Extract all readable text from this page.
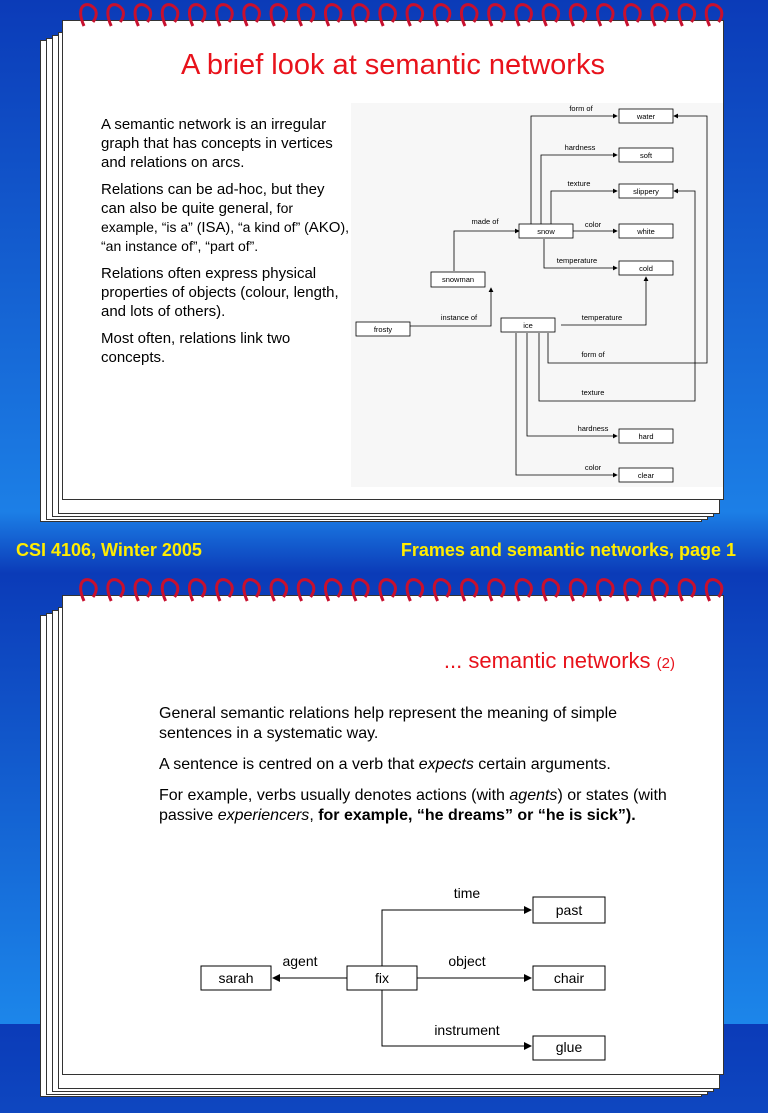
A brief look at semantic networks

A semantic network is an irregular graph that has concepts in vertices and relations on arcs.

Relations can be ad-hoc, but they can also be quite general, for example, “is a” (ISA), “a kind of” (AKO), “an instance of”, “part of”.

Relations often express physical properties of objects (colour, length, and lots of others).

Most often, relations link two concepts.

water
soft
slippery
snow	white
cold
snowman
frosty	ice
hard
clear
form of
hardness
texture
made of	color
temperature
instance of	temperature
form of
texture
hardness
color
CSI 4106, Winter 2005	Frames and semantic networks, page 1
... semantic networks (2)

General semantic relations help represent the meaning of simple sentences in a systematic way.

A sentence is centred on a verb that expects certain arguments.

For example, verbs usually denotes actions (with agents) or states (with passive experiencers, for example, “he dreams” or “he is sick”).

past
sarah	fix	chair
glue
time
agent	object
instrument
